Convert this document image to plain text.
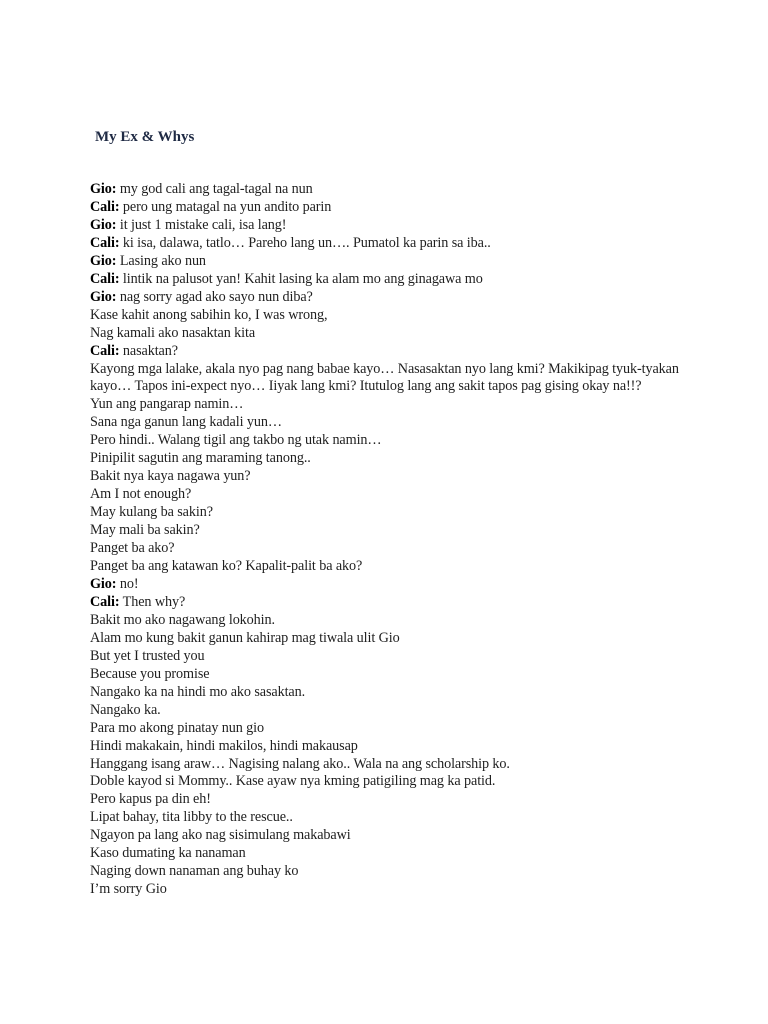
My Ex & Whys
Gio: my god cali ang tagal-tagal na nun
Cali: pero ung matagal na yun andito parin
Gio: it just 1 mistake cali, isa lang!
Cali: ki isa, dalawa, tatlo… Pareho lang un…. Pumatol ka parin sa iba..
Gio: Lasing ako nun
Cali: lintik na palusot yan! Kahit lasing ka alam mo ang ginagawa mo
Gio: nag sorry agad ako sayo nun diba?
Kase kahit anong sabihin ko, I was wrong,
Nag kamali ako nasaktan kita
Cali: nasaktan?
Kayong mga lalake, akala nyo pag nang babae kayo… Nasasaktan nyo lang kmi? Makikipag tyuk-tyakan kayo… Tapos ini-expect nyo… Iiyak lang kmi? Itutulog lang ang sakit tapos pag gising okay na!!?
Yun ang pangarap namin…
Sana nga ganun lang kadali yun…
Pero hindi.. Walang tigil ang takbo ng utak namin…
Pinipilit sagutin ang maraming tanong..
Bakit nya kaya nagawa yun?
Am I not enough?
May kulang ba sakin?
May mali ba sakin?
Panget ba ako?
Panget ba ang katawan ko? Kapalit-palit ba ako?
Gio: no!
Cali: Then why?
Bakit mo ako nagawang lokohin.
Alam mo kung bakit ganun kahirap mag tiwala ulit Gio
But yet I trusted you
Because you promise
Nangako ka na hindi mo ako sasaktan.
Nangako ka.
Para mo akong pinatay nun gio
Hindi makakain, hindi makilos, hindi makausap
Hanggang isang araw… Nagising nalang ako.. Wala na ang scholarship ko.
Doble kayod si Mommy.. Kase ayaw nya kming patigiling mag ka patid.
Pero kapus pa din eh!
Lipat bahay, tita libby to the rescue..
Ngayon pa lang ako nag sisimulang makabawi
Kaso dumating ka nanaman
Naging down nanaman ang buhay ko
I’m sorry Gio
